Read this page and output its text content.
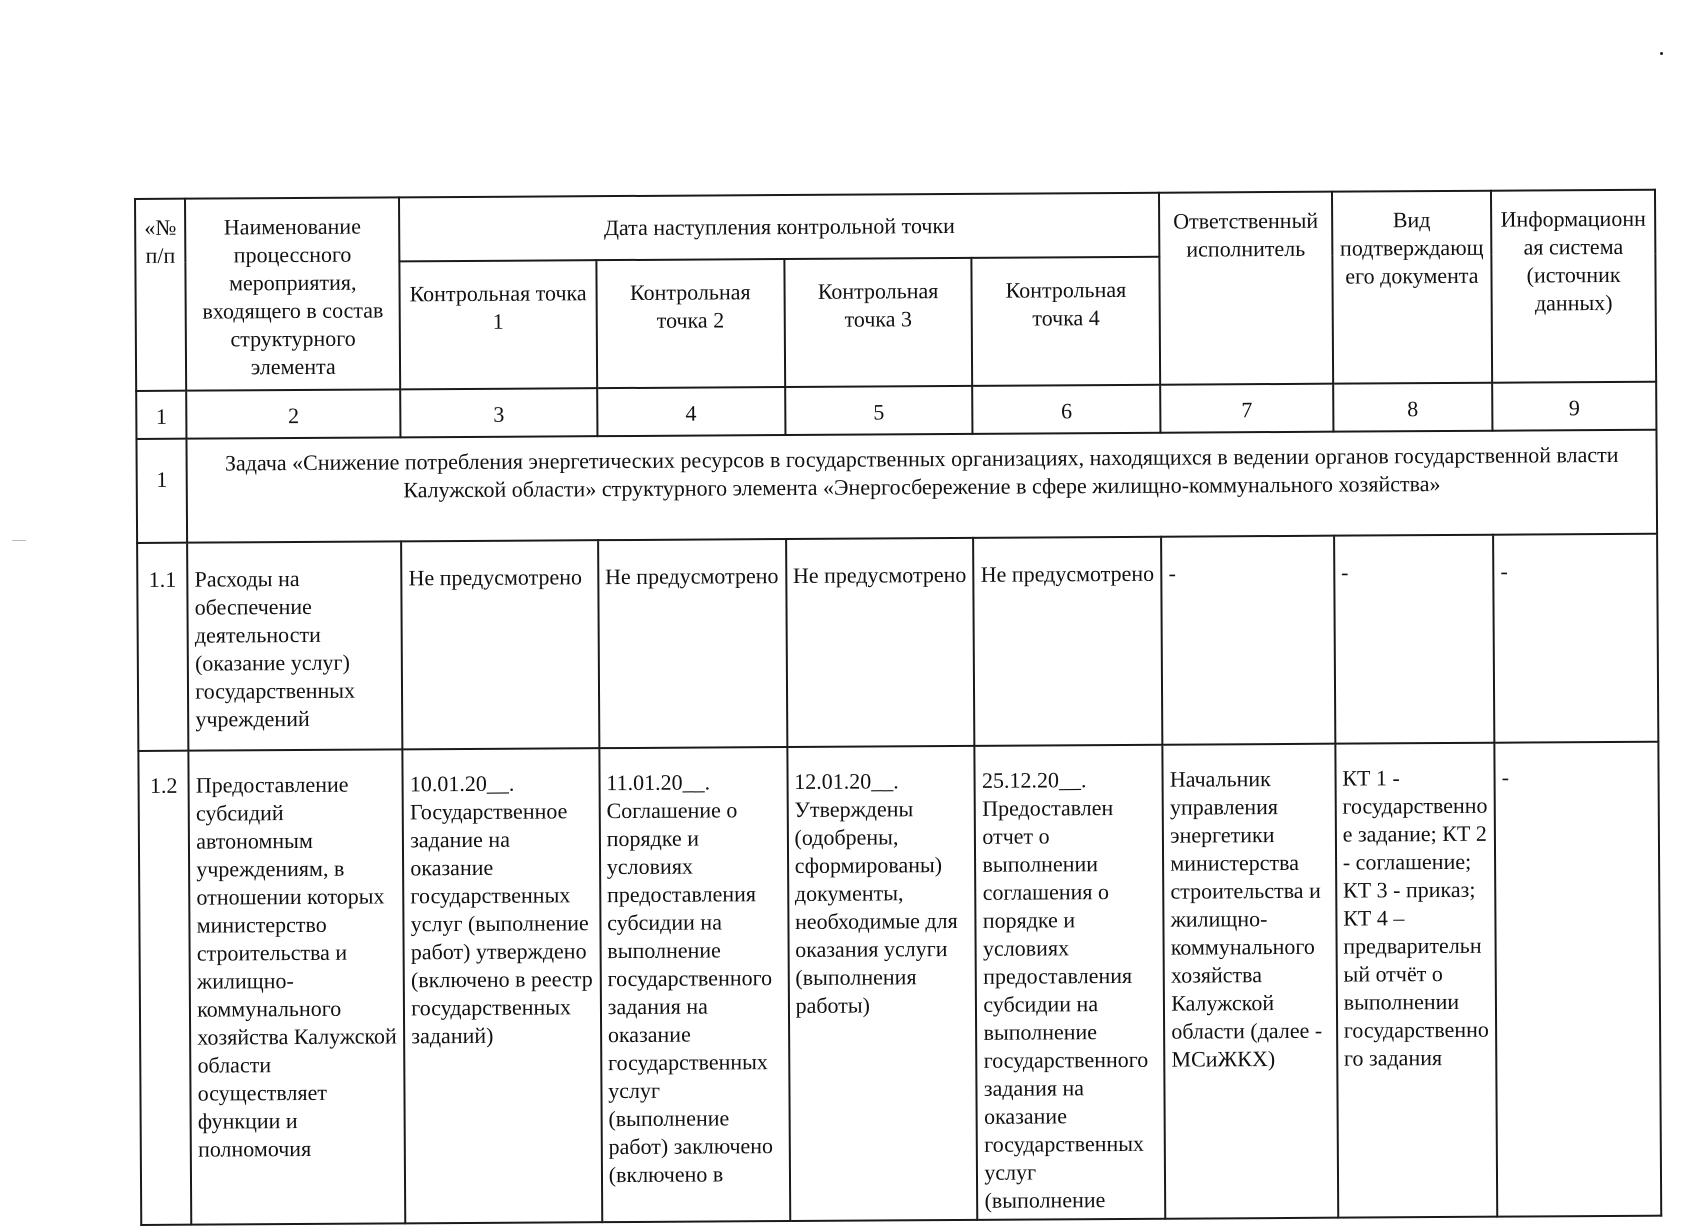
«№ п/п	Наименование процессного мероприятия, входящего в состав структурного элемента	Дата наступления контрольной точки				Ответственный исполнитель	Вид подтверждающего документа	Информационная система (источник данных)
		Контрольная точка 1	Контрольная точка 2	Контрольная точка 3	Контрольная точка 4			
1	2	3	4	5	6	7	8	9
1	Задача «Снижение потребления энергетических ресурсов в государственных организациях, находящихся в ведении органов государственной власти Калужской области» структурного элемента «Энергосбережение в сфере жилищно-коммунального хозяйства»							
1.1	Расходы на обеспечение деятельности (оказание услуг) государственных учреждений	Не предусмотрено	Не предусмотрено	Не предусмотрено	Не предусмотрено	-	-	-
1.2	Предоставление субсидий автономным учреждениям, в отношении которых министерство строительства и жилищно-коммунального хозяйства Калужской области осуществляет функции и полномочия	10.01.20__. Государственное задание на оказание государственных услуг (выполнение работ) утверждено (включено в реестр государственных заданий)	11.01.20__. Соглашение о порядке и условиях предоставления субсидии на выполнение государственного задания на оказание государственных услуг (выполнение работ) заключено (включено в	12.01.20__. Утверждены (одобрены, сформированы) документы, необходимые для оказания услуги (выполнения работы)	25.12.20__. Предоставлен отчет о выполнении соглашения о порядке и условиях предоставления субсидии на выполнение государственного задания на оказание государственных услуг (выполнение	Начальник управления энергетики министерства строительства и жилищно-коммунального хозяйства Калужской области (далее - МСиЖКХ)	КТ 1 - государственное задание; КТ 2 - соглашение; КТ 3 - приказ; КТ 4 – предварительный отчёт о выполнении государственного задания	-
